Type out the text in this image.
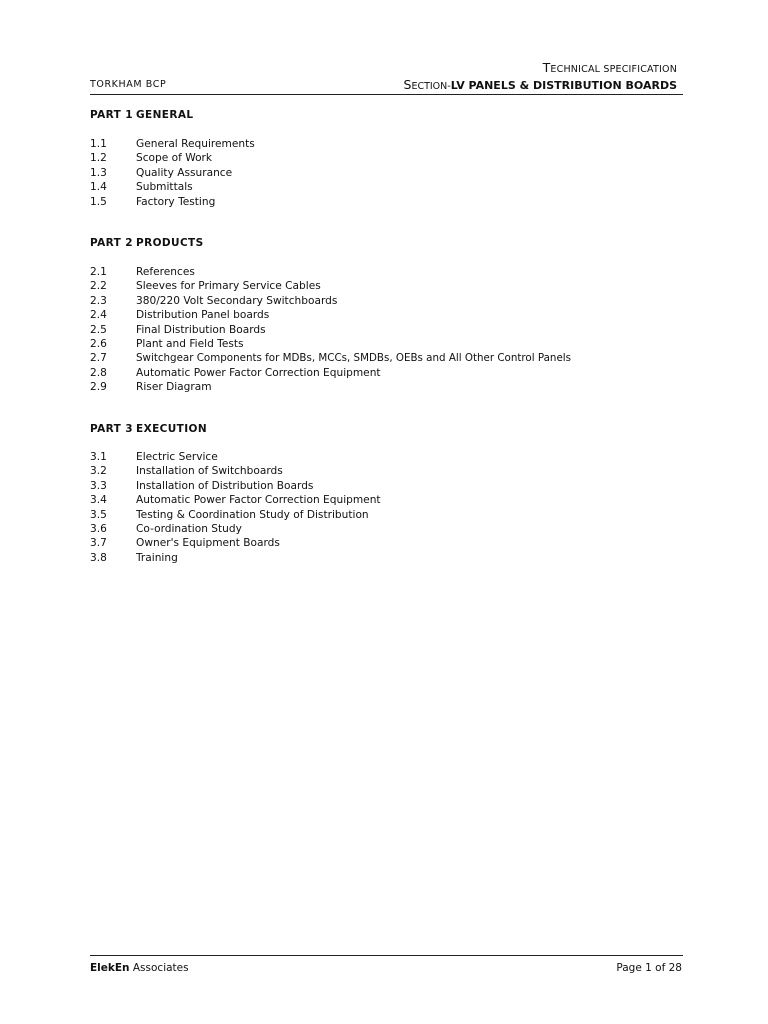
TORKHAM BCP
TECHNICAL SPECIFICATION
SECTION-LV PANELS & DISTRIBUTION BOARDS
PART 1 GENERAL
1.1	General Requirements
1.2	Scope of Work
1.3	Quality Assurance
1.4	Submittals
1.5	Factory Testing
PART 2 PRODUCTS
2.1	References
2.2	Sleeves for Primary Service Cables
2.3	380/220 Volt Secondary Switchboards
2.4	Distribution Panel boards
2.5	Final Distribution Boards
2.6	Plant and Field Tests
2.7	Switchgear Components for MDBs, MCCs, SMDBs, OEBs and All Other Control Panels
2.8	Automatic Power Factor Correction Equipment
2.9	Riser Diagram
PART 3 EXECUTION
3.1	Electric Service
3.2	Installation of Switchboards
3.3	Installation of Distribution Boards
3.4	Automatic Power Factor Correction Equipment
3.5	Testing & Coordination Study of Distribution
3.6	Co-ordination Study
3.7	Owner's Equipment Boards
3.8	Training
ElekEn Associates	Page 1 of 28
